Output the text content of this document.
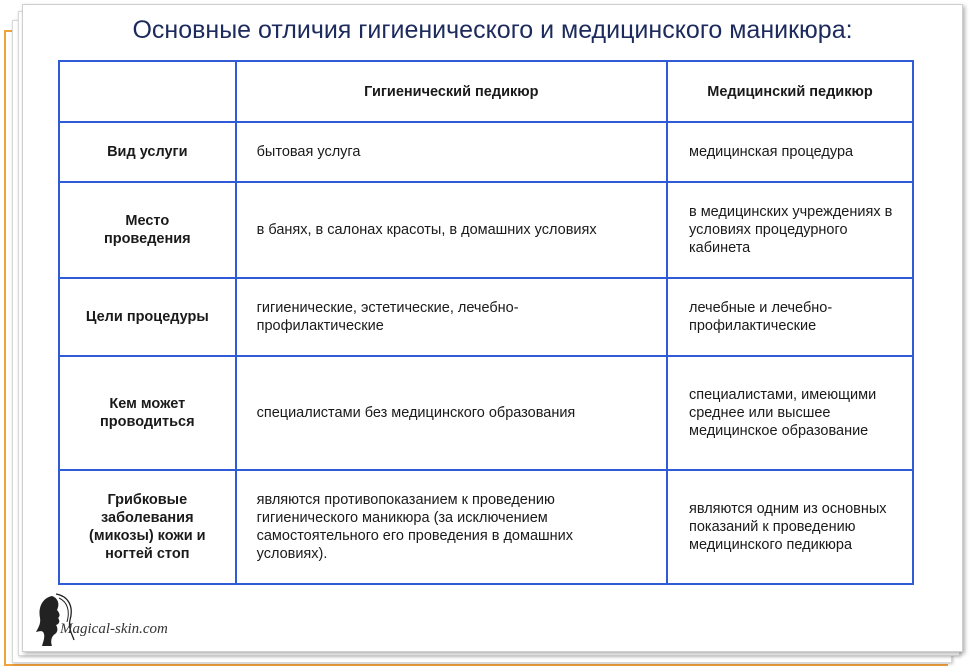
Основные отличия гигиенического и медицинского маникюра:
	Гигиенический педикюр	Медицинский педикюр
Вид услуги	бытовая услуга	медицинская процедура

Место проведения	в банях, в салонах красоты, в домашних условиях	в медицинских учреждениях в условиях процедурного кабинета
Цели процедуры	гигиенические, эстетические, лечебно-профилактические	лечебные и лечебно-профилактические

Кем может проводиться	специалистами без медицинского образования	специалистами, имеющими среднее или высшее медицинское образование

Грибковые заболевания (микозы) кожи и ногтей стоп	являются противопоказанием к проведению гигиенического маникюра (за исключением самостоятельного его проведения в домашних условиях).	являются одним из основных показаний к проведению медицинского педикюра
Magical-skin.com
